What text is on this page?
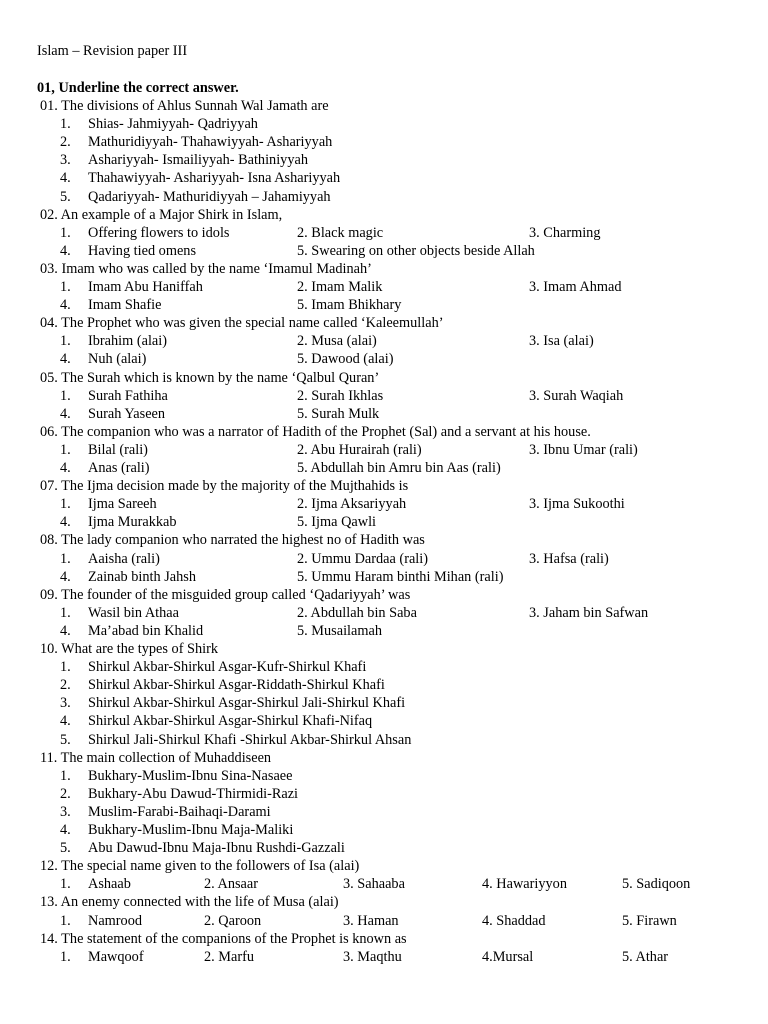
Islam – Revision paper III
01, Underline the correct answer.
01. The divisions of Ahlus Sunnah Wal Jamath are
1. Shias- Jahmiyyah- Qadriyyah
2. Mathuridiyyah- Thahawiyyah- Ashariyyah
3. Ashariyyah- Ismailiyyah- Bathiniyyah
4. Thahawiyyah- Ashariyyah- Isna Ashariyyah
5. Qadariyyah- Mathuridiyyah – Jahamiyyah
02. An example of a Major Shirk in Islam,
1. Offering flowers to idols	2. Black magic	3. Charming
4. Having tied omens	5. Swearing on other objects beside Allah
03. Imam who was called by the name ‘Imamul Madinah’
1. Imam Abu Haniffah	2. Imam Malik	3. Imam Ahmad
4. Imam Shafie	5. Imam Bhikhary
04. The Prophet who was given the special name called ‘Kaleemullah’
1. Ibrahim (alai)	2. Musa (alai)	3. Isa (alai)
4. Nuh (alai)	5. Dawood (alai)
05. The Surah which is known by the name ‘Qalbul Quran’
1. Surah Fathiha	2. Surah Ikhlas	3. Surah Waqiah
4. Surah Yaseen	5. Surah Mulk
06. The companion who was a narrator of Hadith of the Prophet (Sal) and a servant at his house.
1. Bilal (rali)	2. Abu Hurairah (rali)	3. Ibnu Umar (rali)
4. Anas (rali)	5. Abdullah bin Amru bin Aas (rali)
07. The Ijma decision made by the majority of the Mujthahids is
1. Ijma Sareeh	2. Ijma Aksariyyah	3. Ijma Sukoothi
4. Ijma Murakkab	5. Ijma Qawli
08. The lady companion who narrated the highest no of Hadith was
1. Aaisha (rali)	2. Ummu Dardaa (rali)	3. Hafsa (rali)
4. Zainab binth Jahsh	5. Ummu Haram binthi Mihan (rali)
09. The founder of the misguided group called ‘Qadariyyah’ was
1. Wasil bin Athaa	2. Abdullah bin Saba	3. Jaham bin Safwan
4. Ma’abad bin Khalid	5. Musailamah
10. What are the types of Shirk
1. Shirkul Akbar-Shirkul Asgar-Kufr-Shirkul Khafi
2. Shirkul Akbar-Shirkul Asgar-Riddath-Shirkul Khafi
3. Shirkul Akbar-Shirkul Asgar-Shirkul Jali-Shirkul Khafi
4. Shirkul Akbar-Shirkul Asgar-Shirkul Khafi-Nifaq
5. Shirkul Jali-Shirkul Khafi -Shirkul Akbar-Shirkul Ahsan
11. The main collection of Muhaddiseen
1. Bukhary-Muslim-Ibnu Sina-Nasaee
2. Bukhary-Abu Dawud-Thirmidi-Razi
3. Muslim-Farabi-Baihaqi-Darami
4. Bukhary-Muslim-Ibnu Maja-Maliki
5. Abu Dawud-Ibnu Maja-Ibnu Rushdi-Gazzali
12. The special name given to the followers of Isa (alai)
1. Ashaab	2. Ansaar	3. Sahaaba	4. Hawariyyon	5. Sadiqoon
13. An enemy connected with the life of Musa (alai)
1. Namrood	2. Qaroon	3. Haman	4. Shaddad	5. Firawn
14. The statement of the companions of the Prophet is known as
1. Mawqoof	2. Marfu	3. Maqthu	4.Mursal	5. Athar
